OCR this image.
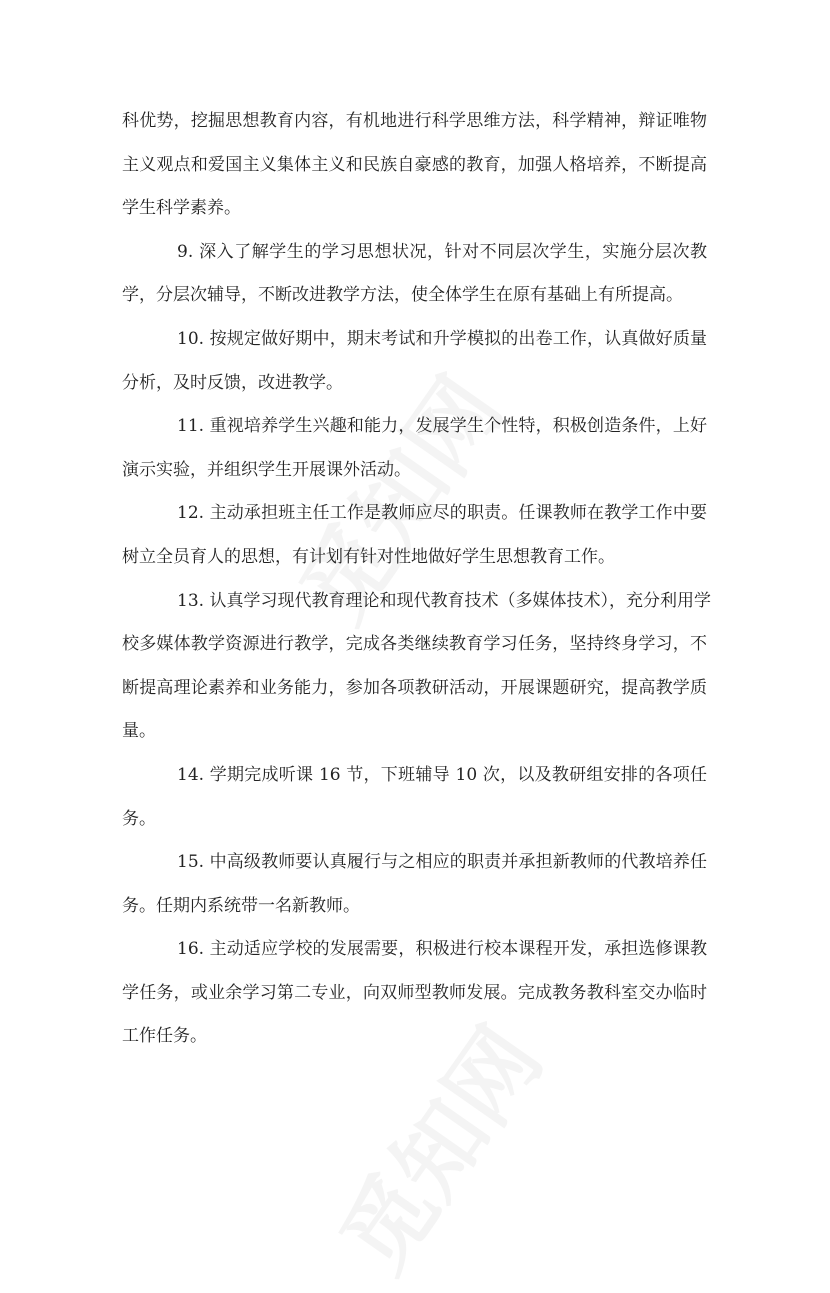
科优势，挖掘思想教育内容，有机地进行科学思维方法，科学精神，辩证唯物
主义观点和爱国主义集体主义和民族自豪感的教育，加强人格培养，不断提高
学生科学素养。
9. 深入了解学生的学习思想状况，针对不同层次学生，实施分层次教
学，分层次辅导，不断改进教学方法，使全体学生在原有基础上有所提高。
10. 按规定做好期中，期末考试和升学模拟的出卷工作，认真做好质量
分析，及时反馈，改进教学。
11. 重视培养学生兴趣和能力，发展学生个性特，积极创造条件，上好
演示实验，并组织学生开展课外活动。
12. 主动承担班主任工作是教师应尽的职责。任课教师在教学工作中要
树立全员育人的思想，有计划有针对性地做好学生思想教育工作。
13. 认真学习现代教育理论和现代教育技术（多媒体技术），充分利用学
校多媒体教学资源进行教学，完成各类继续教育学习任务，坚持终身学习，不
断提高理论素养和业务能力，参加各项教研活动，开展课题研究，提高教学质
量。
14. 学期完成听课 16 节，下班辅导 10 次，以及教研组安排的各项任
务。
15. 中高级教师要认真履行与之相应的职责并承担新教师的代教培养任
务。任期内系统带一名新教师。
16. 主动适应学校的发展需要，积极进行校本课程开发，承担选修课教
学任务，或业余学习第二专业，向双师型教师发展。完成教务教科室交办临时
工作任务。
